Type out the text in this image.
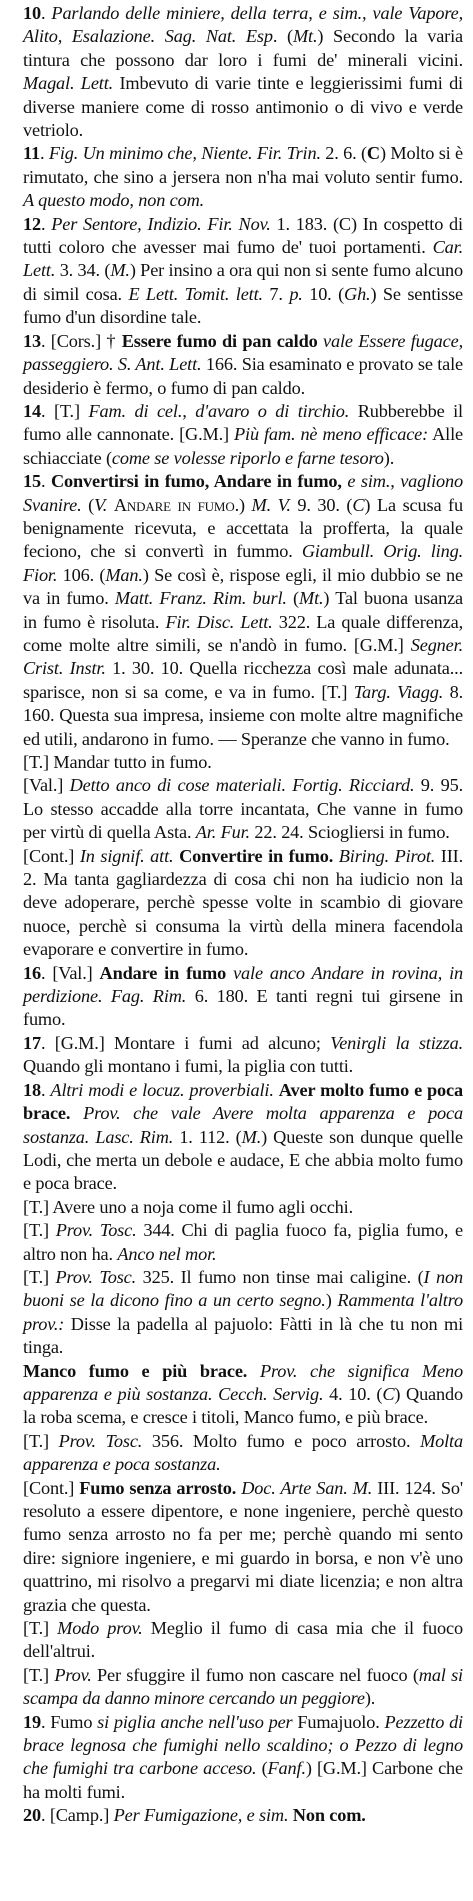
10. Parlando delle miniere, della terra, e sim., vale Vapore, Alito, Esalazione. Sag. Nat. Esp. (Mt.) Secondo la varia tintura che possono dar loro i fumi de' minerali vicini. Magal. Lett. Imbevuto di varie tinte e leggierissimi fumi di diverse maniere come di rosso antimonio o di vivo e verde vetriolo.

11. Fig. Un minimo che, Niente. Fir. Trin. 2. 6. (C) Molto si è rimutato, che sino a jersera non n'ha mai voluto sentir fumo. A questo modo, non com.

12. Per Sentore, Indizio. Fir. Nov. 1. 183. (C) In cospetto di tutti coloro che avesser mai fumo de' tuoi portamenti. Car. Lett. 3. 34. (M.) Per insino a ora qui non si sente fumo alcuno di simil cosa. E Lett. Tomit. lett. 7. p. 10. (Gh.) Se sentisse fumo d'un disordine tale.

13. [Cors.] † Essere fumo di pan caldo vale Essere fugace, passeggiero. S. Ant. Lett. 166. Sia esaminato e provato se tale desiderio è fermo, o fumo di pan caldo.

14. [T.] Fam. di cel., d'avaro o di tirchio. Rubberebbe il fumo alle cannonate. [G.M.] Più fam. nè meno efficace: Alle schiacciate (come se volesse riporlo e farne tesoro).

15. Convertirsi in fumo, Andare in fumo, e sim., vagliono Svanire. (V. Andare in fumo.) M. V. 9. 30. (C) La scusa fu benignamente ricevuta, e accettata la profferta, la quale feciono, che si convertì in fummo. Giambull. Orig. ling. Fior. 106. (Man.) Se così è, rispose egli, il mio dubbio se ne va in fumo. Matt. Franz. Rim. burl. (Mt.) Tal buona usanza in fumo è risoluta. Fir. Disc. Lett. 322. La quale differenza, come molte altre simili, se n'andò in fumo. [G.M.] Segner. Crist. Instr. 1. 30. 10. Quella ricchezza così male adunata... sparisce, non si sa come, e va in fumo. [T.] Targ. Viagg. 8. 160. Questa sua impresa, insieme con molte altre magnifiche ed utili, andarono in fumo. — Speranze che vanno in fumo.

[T.] Mandar tutto in fumo.

[Val.] Detto anco di cose materiali. Fortig. Ricciard. 9. 95. Lo stesso accadde alla torre incantata, Che vanne in fumo per virtù di quella Asta. Ar. Fur. 22. 24. Sciogliersi in fumo.

[Cont.] In signif. att. Convertire in fumo. Biring. Pirot. III. 2. Ma tanta gagliardezza di cosa chi non ha iudicio non la deve adoperare, perchè spesse volte in scambio di giovare nuoce, perchè si consuma la virtù della minera facendola evaporare e convertire in fumo.

16. [Val.] Andare in fumo vale anco Andare in rovina, in perdizione. Fag. Rim. 6. 180. E tanti regni tui girsene in fumo.

17. [G.M.] Montare i fumi ad alcuno; Venirgli la stizza. Quando gli montano i fumi, la piglia con tutti.

18. Altri modi e locuz. proverbiali. Aver molto fumo e poca brace. Prov. che vale Avere molta apparenza e poca sostanza. Lasc. Rim. 1. 112. (M.) Queste son dunque quelle Lodi, che merta un debole e audace, E che abbia molto fumo e poca brace.

[T.] Avere uno a noja come il fumo agli occhi.

[T.] Prov. Tosc. 344. Chi di paglia fuoco fa, piglia fumo, e altro non ha. Anco nel mor.

[T.] Prov. Tosc. 325. Il fumo non tinse mai caligine. (I non buoni se la dicono fino a un certo segno.) Rammenta l'altro prov.: Disse la padella al pajuolo: Fàtti in là che tu non mi tinga.

Manco fumo e più brace. Prov. che significa Meno apparenza e più sostanza. Cecch. Servig. 4. 10. (C) Quando la roba scema, e cresce i titoli, Manco fumo, e più brace.

[T.] Prov. Tosc. 356. Molto fumo e poco arrosto. Molta apparenza e poca sostanza.

[Cont.] Fumo senza arrosto. Doc. Arte San. M. III. 124. So' resoluto a essere dipentore, e none ingeniere, perchè questo fumo senza arrosto no fa per me; perchè quando mi sento dire: signiore ingeniere, e mi guardo in borsa, e non v'è uno quattrino, mi risolvo a pregarvi mi diate licenzia; e non altra grazia che questa.

[T.] Modo prov. Meglio il fumo di casa mia che il fuoco dell'altrui.

[T.] Prov. Per sfuggire il fumo non cascare nel fuoco (mal si scampa da danno minore cercando un peggiore).

19. Fumo si piglia anche nell'uso per Fumajuolo. Pezzetto di brace legnosa che fumighi nello scaldino; o Pezzo di legno che fumighi tra carbone acceso. (Fanf.) [G.M.] Carbone che ha molti fumi.

20. [Camp.] Per Fumigazione, e sim. Non com.
